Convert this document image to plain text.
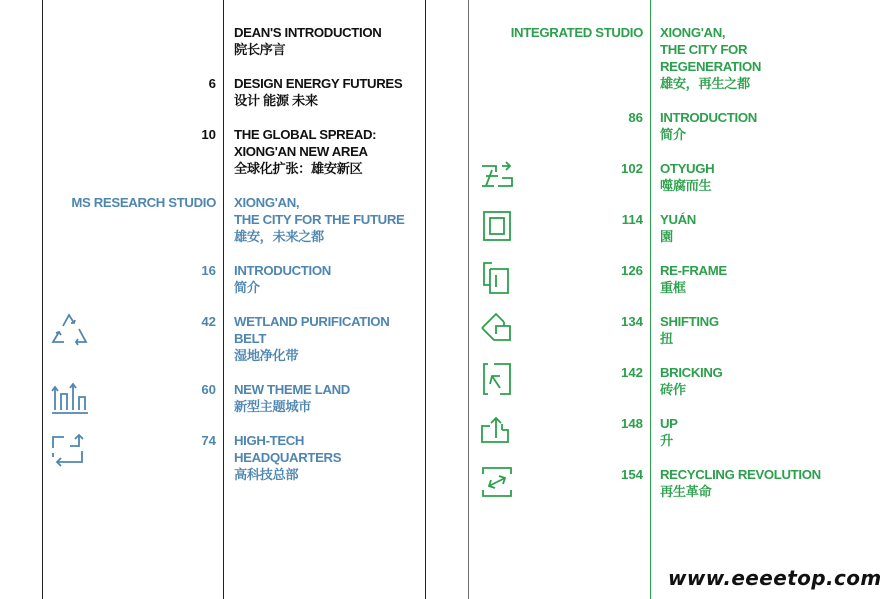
DEAN'S INTRODUCTION
院长序言
6 DESIGN ENERGY FUTURES
设计 能源 未来
10 THE GLOBAL SPREAD:
XIONG'AN NEW AREA
全球化扩张：雄安新区
MS RESEARCH STUDIO XIONG'AN,
THE CITY FOR THE FUTURE
雄安，未来之都
16 INTRODUCTION
简介
42 WETLAND PURIFICATION
BELT
湿地净化带
60 NEW THEME LAND
新型主题城市
74 HIGH-TECH
HEADQUARTERS
高科技总部
INTEGRATED STUDIO XIONG'AN,
THE CITY FOR
REGENERATION
雄安，再生之都
86 INTRODUCTION
简介
102 OTYUGH
噬腐而生
114 YUÁN
園
126 RE-FRAME
重框
134 SHIFTING
扭
142 BRICKING
砖作
148 UP
升
154 RECYCLING REVOLUTION
再生革命
www.eeeetop.com
